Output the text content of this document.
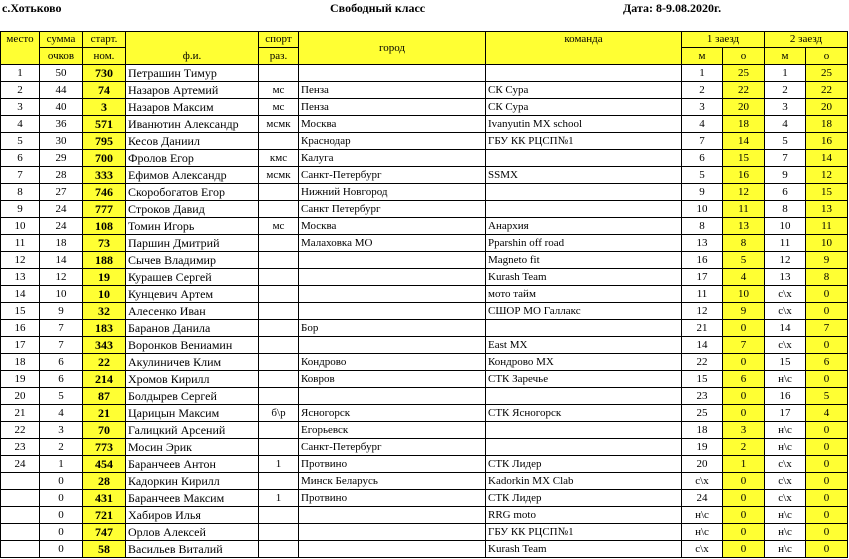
с.Хотьково	Свободный класс	Дата: 8-9.08.2020г.
место	сумма	старт.	ф.и.	спорт	город	команда	1 заезд		2 заезд	
	очков	ном.		раз.			м	о	м	о
1	50	730	Петрашин Тимур				1	25	1	25
2	44	74	Назаров Артемий	мс	Пенза	СК Сура	2	22	2	22
3	40	3	Назаров Максим	мс	Пенза	СК Сура	3	20	3	20
4	36	571	Иванютин Александр	мсмк	Москва	Ivanyutin MX school	4	18	4	18
5	30	795	Кесов Даниил		Краснодар	ГБУ КК РЦСП№1	7	14	5	16
6	29	700	Фролов Егор	кмс	Калуга		6	15	7	14
7	28	333	Ефимов Александр	мсмк	Санкт-Петербург	SSMX	5	16	9	12
8	27	746	Скоробогатов Егор		Нижний Новгород		9	12	6	15
9	24	777	Строков Давид		Санкт Петербург		10	11	8	13
10	24	108	Томин Игорь	мс	Москва	Анархия	8	13	10	11
11	18	73	Паршин Дмитрий		Малаховка МО	Pparshin off road	13	8	11	10
12	14	188	Сычев Владимир			Magneto fit	16	5	12	9
13	12	19	Курашев Сергей			Kurash Team	17	4	13	8
14	10	10	Кунцевич Артем			мото тайм	11	10	с\х	0
15	9	32	Алесенко Иван			СШОР МО Галлакс	12	9	с\х	0
16	7	183	Баранов Данила		Бор		21	0	14	7
17	7	343	Воронков Вениамин			East MX	14	7	с\х	0
18	6	22	Акулиничев Клим		Кондрово	Кондрово МХ	22	0	15	6
19	6	214	Хромов Кирилл		Ковров	СТК Заречье	15	6	н\с	0
20	5	87	Болдырев Сергей				23	0	16	5
21	4	21	Царицын Максим	б\р	Ясногорск	СТК Ясногорск	25	0	17	4
22	3	70	Галицкий Арсений		Егорьевск		18	3	н\с	0
23	2	773	Мосин Эрик		Санкт-Петербург		19	2	н\с	0
24	1	454	Баранчеев Антон	1	Протвино	СТК Лидер	20	1	с\х	0
	0	28	Кадоркин Кирилл		Минск Беларусь	Kadorkin MX Clab	с\х	0	с\х	0
	0	431	Баранчеев Максим	1	Протвино	СТК Лидер	24	0	с\х	0
	0	721	Хабиров Илья			RRG moto	н\с	0	н\с	0
	0	747	Орлов Алексей			ГБУ КК РЦСП№1	н\с	0	н\с	0
	0	58	Васильев Виталий			Kurash Team	с\х	0	н\с	0
